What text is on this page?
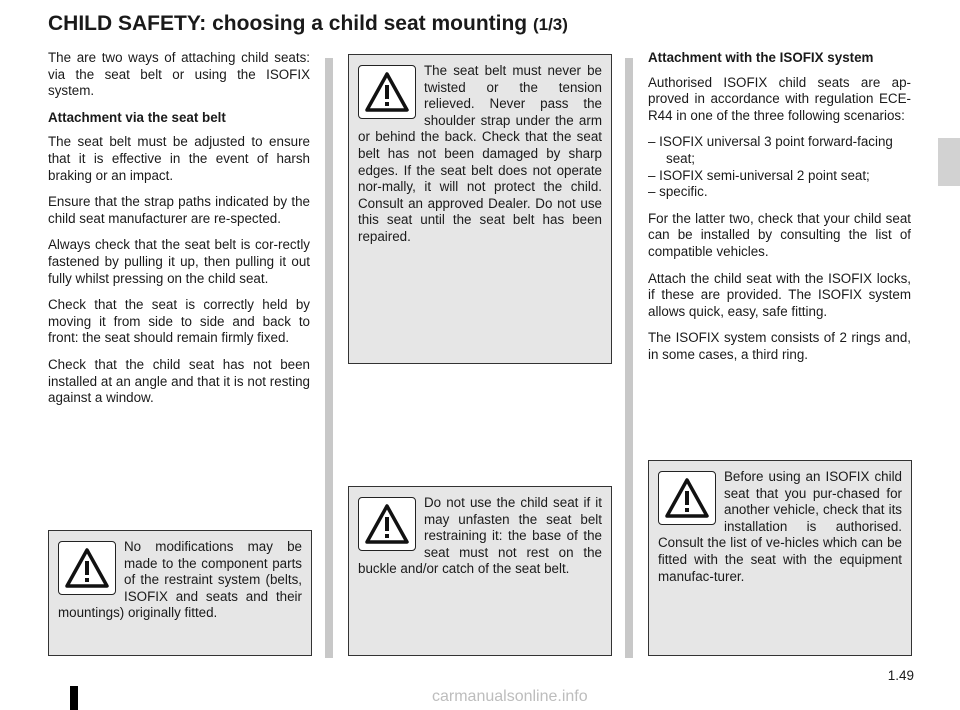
CHILD SAFETY: choosing a child seat mounting (1/3)

The are two ways of attaching child seats: via the seat belt or using the ISOFIX system.

Attachment via the seat belt

The seat belt must be adjusted to ensure that it is effective in the event of harsh braking or an impact.

Ensure that the strap paths indicated by the child seat manufacturer are re-spected.

Always check that the seat belt is cor-rectly fastened by pulling it up, then pulling it out fully whilst pressing on the child seat.

Check that the seat is correctly held by moving it from side to side and back to front: the seat should remain firmly fixed.

Check that the child seat has not been installed at an angle and that it is not resting against a window.

Attachment with the ISOFIX system

Authorised ISOFIX child seats are ap-proved in accordance with regulation ECE-R44 in one of the three following scenarios:

– ISOFIX universal 3 point forward-facing seat;
– ISOFIX semi-universal 2 point seat;
– specific.

For the latter two, check that your child seat can be installed by consulting the list of compatible vehicles.

Attach the child seat with the ISOFIX locks, if these are provided. The ISOFIX system allows quick, easy, safe fitting.

The ISOFIX system consists of 2 rings and, in some cases, a third ring.

The seat belt must never be twisted or the tension relieved. Never pass the shoulder strap under the arm or behind the back. Check that the seat belt has not been damaged by sharp edges. If the seat belt does not operate nor-mally, it will not protect the child. Consult an approved Dealer. Do not use this seat until the seat belt has been repaired.

No modifications may be made to the component parts of the restraint system (belts, ISOFIX and seats and their mountings) originally fitted.

Do not use the child seat if it may unfasten the seat belt restraining it: the base of the seat must not rest on the buckle and/or catch of the seat belt.

Before using an ISOFIX child seat that you pur-chased for another vehicle, check that its installation is authorised. Consult the list of ve-hicles which can be fitted with the seat with the equipment manufac-turer.

1.49
carmanualsonline.info
